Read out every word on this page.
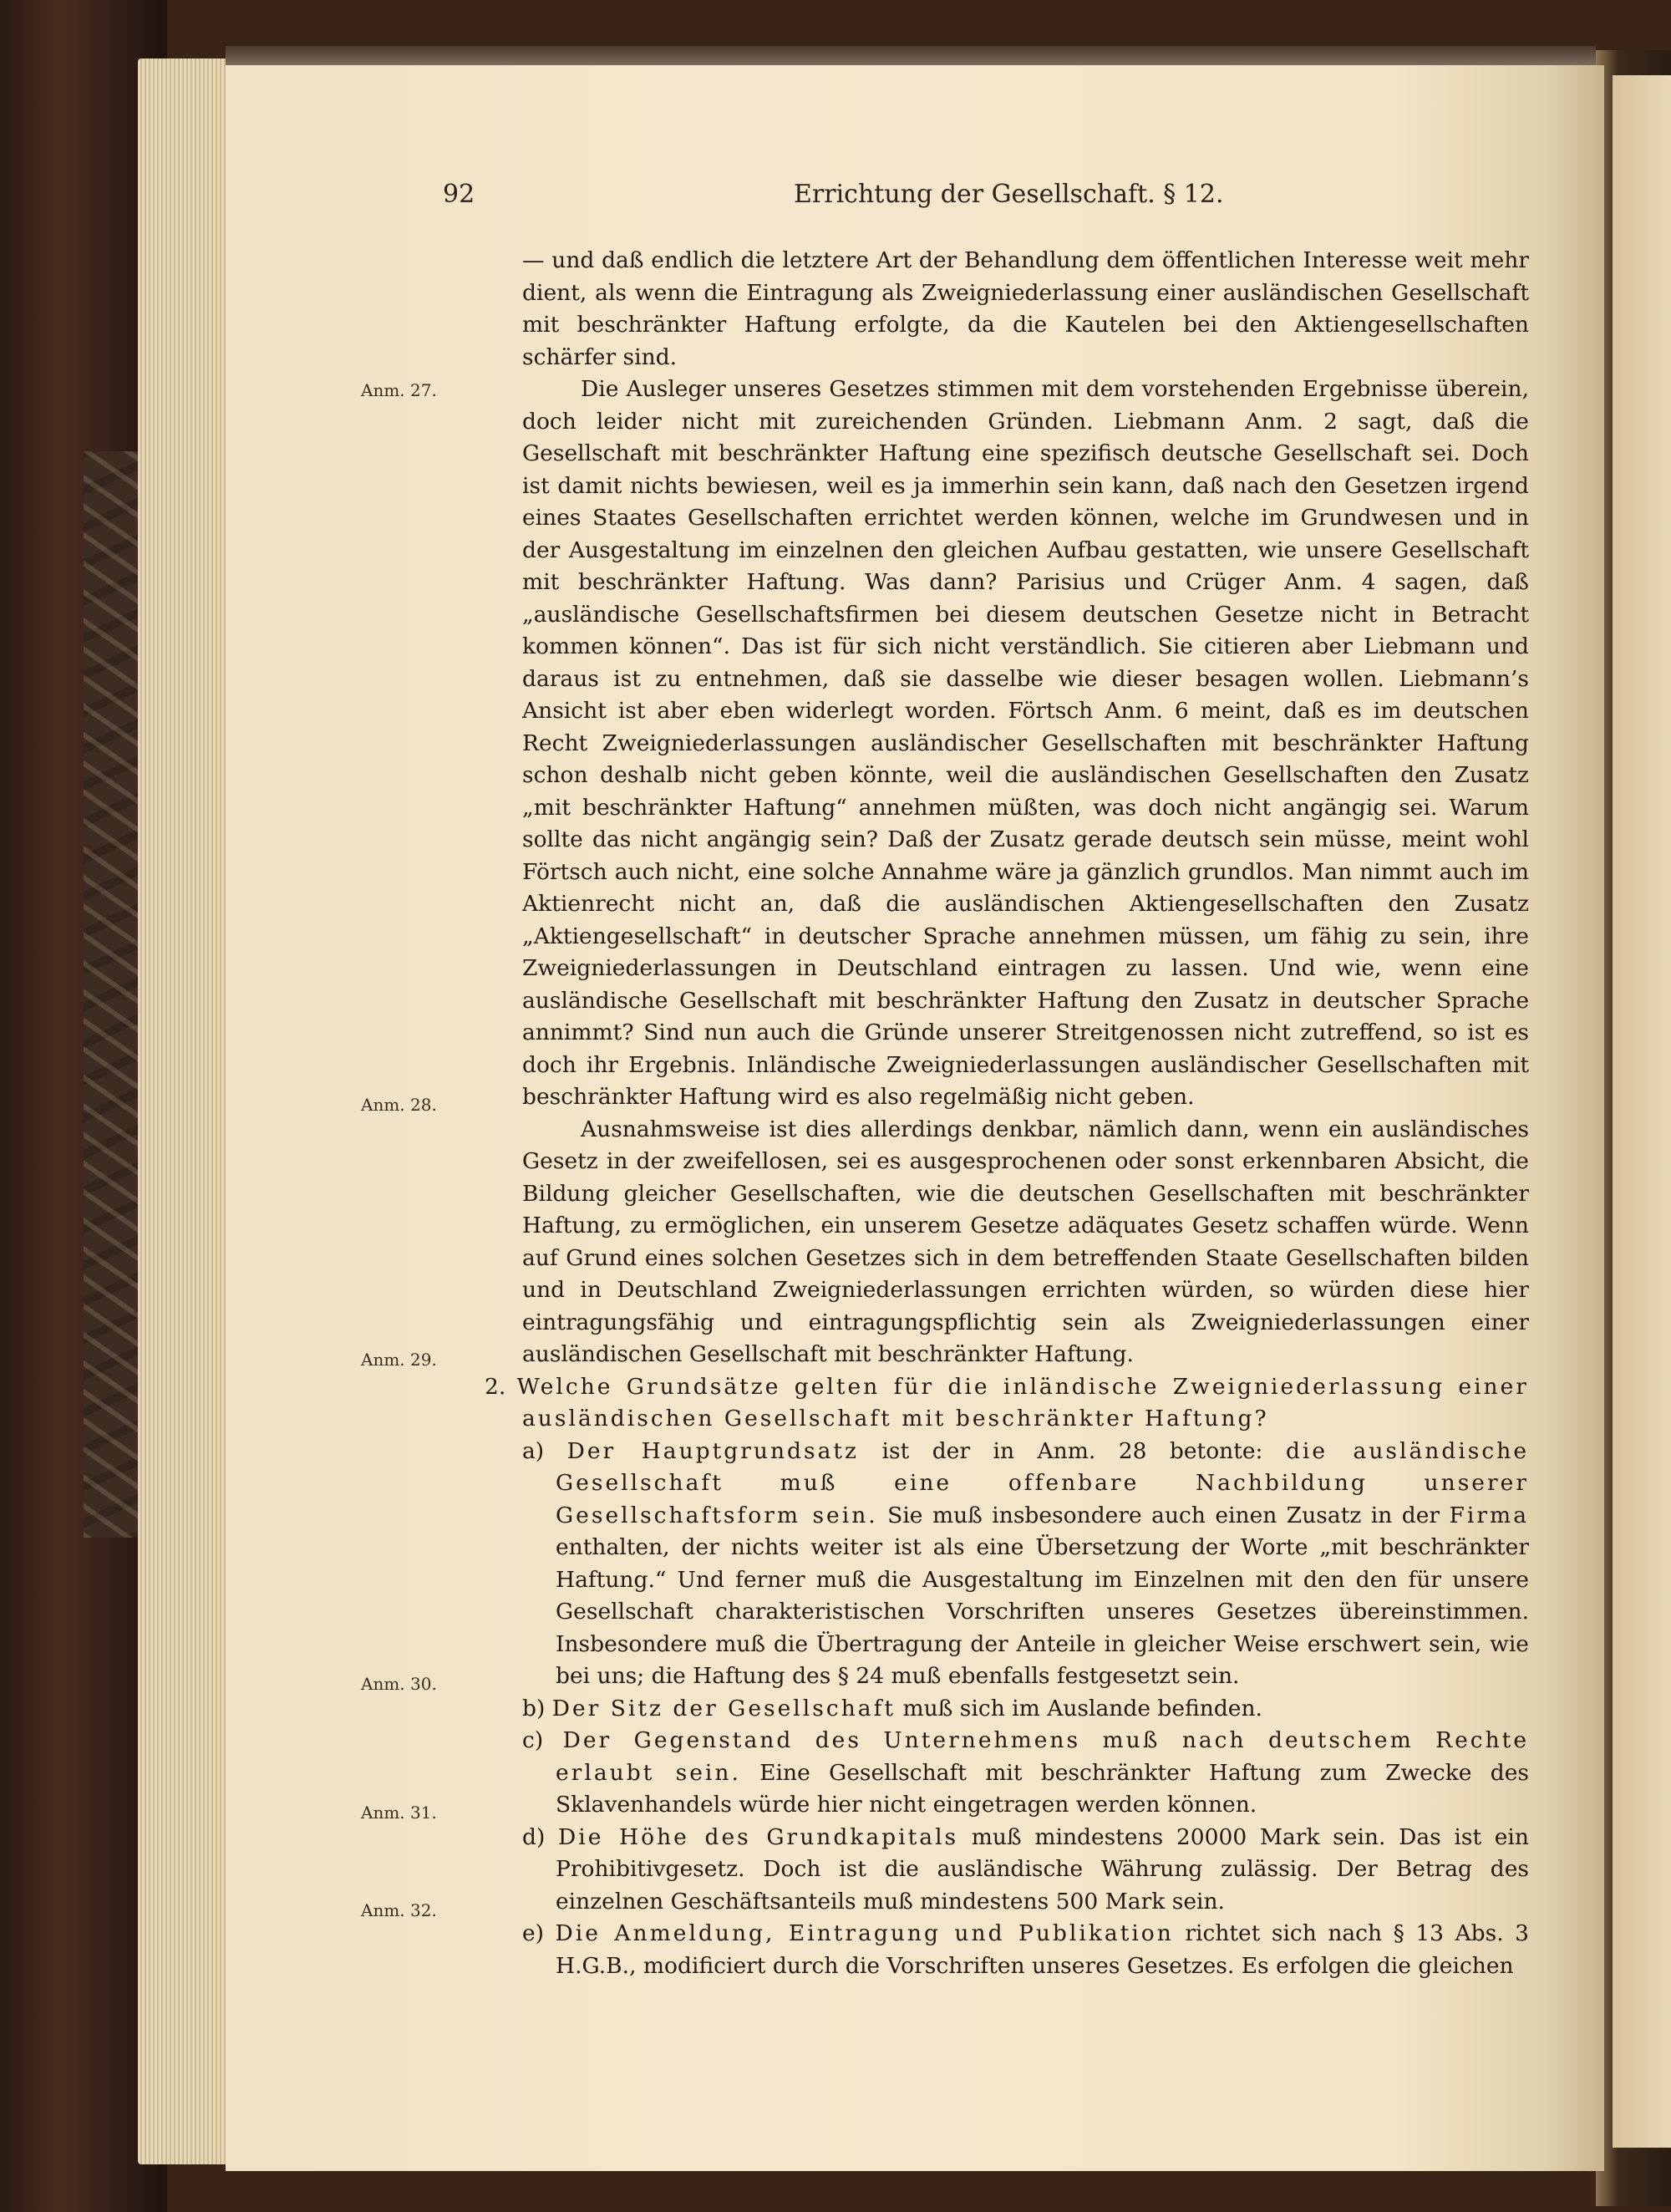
92	Errichtung der Gesellschaft. § 12.
Anm. 27.
Anm. 28.
Anm. 29.
Anm. 30.
Anm. 31.
Anm. 32.

— und daß endlich die letztere Art der Behandlung dem öffentlichen Interesse weit mehr dient, als wenn die Eintragung als Zweigniederlassung einer ausländischen Gesellschaft mit beschränkter Haftung erfolgte, da die Kautelen bei den Aktiengesellschaften schärfer sind.

Die Ausleger unseres Gesetzes stimmen mit dem vorstehenden Ergebnisse überein, doch leider nicht mit zureichenden Gründen. Liebmann Anm. 2 sagt, daß die Gesellschaft mit beschränkter Haftung eine spezifisch deutsche Gesellschaft sei. Doch ist damit nichts bewiesen, weil es ja immerhin sein kann, daß nach den Gesetzen irgend eines Staates Gesellschaften errichtet werden können, welche im Grundwesen und in der Ausgestaltung im einzelnen den gleichen Aufbau gestatten, wie unsere Gesellschaft mit beschränkter Haftung. Was dann? Parisius und Crüger Anm. 4 sagen, daß „ausländische Gesellschaftsfirmen bei diesem deutschen Gesetze nicht in Betracht kommen können“. Das ist für sich nicht verständlich. Sie citieren aber Liebmann und daraus ist zu entnehmen, daß sie dasselbe wie dieser besagen wollen. Liebmann’s Ansicht ist aber eben widerlegt worden. Förtsch Anm. 6 meint, daß es im deutschen Recht Zweigniederlassungen ausländischer Gesellschaften mit beschränkter Haftung schon deshalb nicht geben könnte, weil die ausländischen Gesellschaften den Zusatz „mit beschränkter Haftung“ annehmen müßten, was doch nicht angängig sei. Warum sollte das nicht angängig sein? Daß der Zusatz gerade deutsch sein müsse, meint wohl Förtsch auch nicht, eine solche Annahme wäre ja gänzlich grundlos. Man nimmt auch im Aktienrecht nicht an, daß die ausländischen Aktiengesellschaften den Zusatz „Aktiengesellschaft“ in deutscher Sprache annehmen müssen, um fähig zu sein, ihre Zweigniederlassungen in Deutschland eintragen zu lassen. Und wie, wenn eine ausländische Gesellschaft mit beschränkter Haftung den Zusatz in deutscher Sprache annimmt? Sind nun auch die Gründe unserer Streitgenossen nicht zutreffend, so ist es doch ihr Ergebnis. Inländische Zweigniederlassungen ausländischer Gesellschaften mit beschränkter Haftung wird es also regelmäßig nicht geben.

Ausnahmsweise ist dies allerdings denkbar, nämlich dann, wenn ein ausländisches Gesetz in der zweifellosen, sei es ausgesprochenen oder sonst erkennbaren Absicht, die Bildung gleicher Gesellschaften, wie die deutschen Gesellschaften mit beschränkter Haftung, zu ermöglichen, ein unserem Gesetze adäquates Gesetz schaffen würde. Wenn auf Grund eines solchen Gesetzes sich in dem betreffenden Staate Gesellschaften bilden und in Deutschland Zweigniederlassungen errichten würden, so würden diese hier eintragungsfähig und eintragungspflichtig sein als Zweigniederlassungen einer ausländischen Gesellschaft mit beschränkter Haftung.

2. Welche Grundsätze gelten für die inländische Zweigniederlassung einer ausländischen Gesellschaft mit beschränkter Haftung?

a) Der Hauptgrundsatz ist der in Anm. 28 betonte: die ausländische Gesellschaft muß eine offenbare Nachbildung unserer Gesellschaftsform sein. Sie muß insbesondere auch einen Zusatz in der Firma enthalten, der nichts weiter ist als eine Übersetzung der Worte „mit beschränkter Haftung.“ Und ferner muß die Ausgestaltung im Einzelnen mit den den für unsere Gesellschaft charakteristischen Vorschriften unseres Gesetzes übereinstimmen. Insbesondere muß die Übertragung der Anteile in gleicher Weise erschwert sein, wie bei uns; die Haftung des § 24 muß ebenfalls festgesetzt sein.

b) Der Sitz der Gesellschaft muß sich im Auslande befinden.

c) Der Gegenstand des Unternehmens muß nach deutschem Rechte erlaubt sein. Eine Gesellschaft mit beschränkter Haftung zum Zwecke des Sklavenhandels würde hier nicht eingetragen werden können.

d) Die Höhe des Grundkapitals muß mindestens 20000 Mark sein. Das ist ein Prohibitivgesetz. Doch ist die ausländische Währung zulässig. Der Betrag des einzelnen Geschäftsanteils muß mindestens 500 Mark sein.

e) Die Anmeldung, Eintragung und Publikation richtet sich nach § 13 Abs. 3 H.G.B., modificiert durch die Vorschriften unseres Gesetzes. Es erfolgen die gleichen
